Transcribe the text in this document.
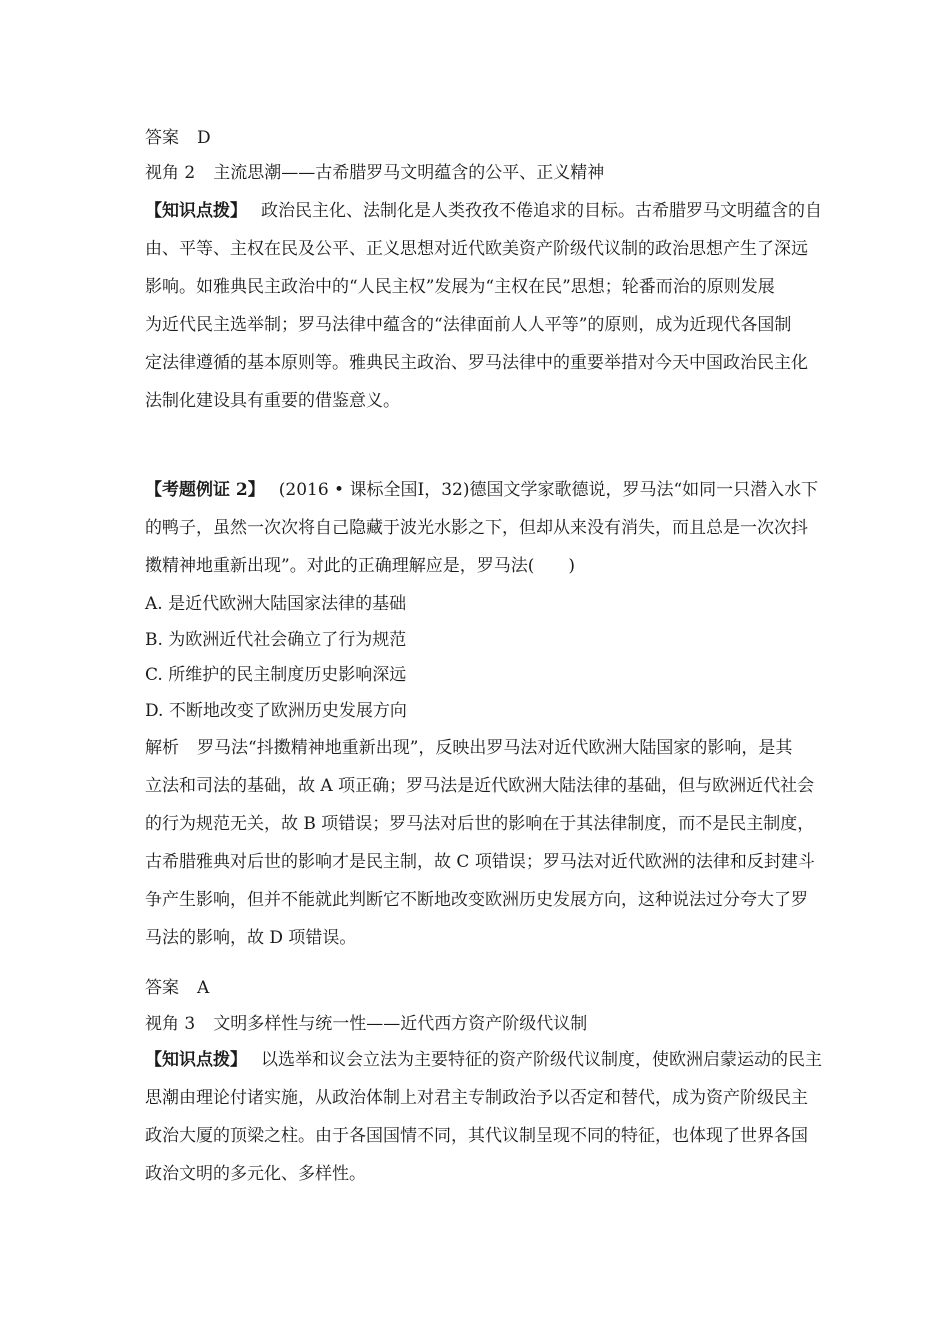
答案 D
视角 2 主流思潮——古希腊罗马文明蕴含的公平、正义精神
【知识点拨】 政治民主化、法制化是人类孜孜不倦追求的目标。古希腊罗马文明蕴含的自
由、平等、主权在民及公平、正义思想对近代欧美资产阶级代议制的政治思想产生了深远
影响。如雅典民主政治中的“人民主权”发展为“主权在民”思想；轮番而治的原则发展
为近代民主选举制；罗马法律中蕴含的“法律面前人人平等”的原则，成为近现代各国制
定法律遵循的基本原则等。雅典民主政治、罗马法律中的重要举措对今天中国政治民主化
法制化建设具有重要的借鉴意义。
【考题例证 2】 (2016 • 课标全国Ⅰ，32)德国文学家歌德说，罗马法“如同一只潜入水下
的鸭子，虽然一次次将自己隐藏于波光水影之下，但却从来没有消失，而且总是一次次抖
擞精神地重新出现”。对此的正确理解应是，罗马法(　　)
A. 是近代欧洲大陆国家法律的基础
B. 为欧洲近代社会确立了行为规范
C. 所维护的民主制度历史影响深远
D. 不断地改变了欧洲历史发展方向
解析 罗马法“抖擞精神地重新出现”，反映出罗马法对近代欧洲大陆国家的影响，是其
立法和司法的基础，故 A 项正确；罗马法是近代欧洲大陆法律的基础，但与欧洲近代社会
的行为规范无关，故 B 项错误；罗马法对后世的影响在于其法律制度，而不是民主制度，
古希腊雅典对后世的影响才是民主制，故 C 项错误；罗马法对近代欧洲的法律和反封建斗
争产生影响，但并不能就此判断它不断地改变欧洲历史发展方向，这种说法过分夸大了罗
马法的影响，故 D 项错误。
答案 A
视角 3 文明多样性与统一性——近代西方资产阶级代议制
【知识点拨】 以选举和议会立法为主要特征的资产阶级代议制度，使欧洲启蒙运动的民主
思潮由理论付诸实施，从政治体制上对君主专制政治予以否定和替代，成为资产阶级民主
政治大厦的顶梁之柱。由于各国国情不同，其代议制呈现不同的特征，也体现了世界各国
政治文明的多元化、多样性。
